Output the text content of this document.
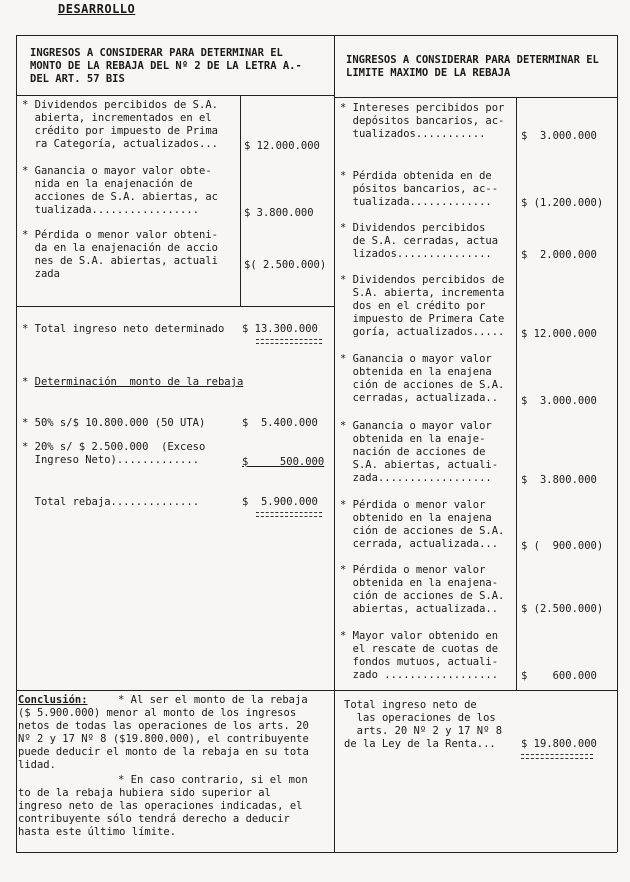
DESARROLLO
INGRESOS A CONSIDERAR PARA DETERMINAR EL
MONTO DE LA REBAJA DEL Nº 2 DE LA LETRA A.-
DEL ART. 57 BIS
* Dividendos percibidos de S.A.
abierta, incrementados en el
crédito por impuesto de Prima
ra Categoría, actualizados...	$ 12.000.000
* Ganancia o mayor valor obte-
nida en la enajenación de
acciones de S.A. abiertas, ac
tualizada.................	$ 3.800.000
* Pérdida o menor valor obteni-
da en la enajenación de accio
nes de S.A. abiertas, actuali
zada
$( 2.500.000)
* Total ingreso neto determinado $ 13.300.000
* Determinación  monto de la rebaja
* 50% s/$ 10.800.000 (50 UTA)	$  5.400.000
* 20% s/ $ 2.500.000  (Exceso
Ingreso Neto).............	$     500.000
Total rebaja..............	$  5.900.000
Conclusión:	* Al ser el monto de la rebaja
($ 5.900.000) menor al monto de los ingresos
netos de todas las operaciones de los arts. 20
Nº 2 y 17 Nº 8 ($19.800.000), el contribuyente
puede deducir el monto de la rebaja en su tota
lidad.
* En caso contrario, si el mon
to de la rebaja hubiera sido superior al
ingreso neto de las operaciones indicadas, el
contribuyente sólo tendrá derecho a deducir
hasta este último límite.
INGRESOS A CONSIDERAR PARA DETERMINAR EL
LIMITE MAXIMO DE LA REBAJA
* Intereses percibidos por
depósitos bancarios, ac-
tualizados...........	$  3.000.000
* Pérdida obtenida en de
pósitos bancarios, ac--
tualizada.............	$ (1.200.000)
* Dividendos percibidos
de S.A. cerradas, actua
lizados...............	$  2.000.000
* Dividendos percibidos de
S.A. abierta, incrementa
dos en el crédito por
impuesto de Primera Cate
goría, actualizados.....	$ 12.000.000
* Ganancia o mayor valor
obtenida en la enajena
ción de acciones de S.A.
cerradas, actualizada..	$  3.000.000
* Ganancia o mayor valor
obtenida en la enaje-
nación de acciones de
S.A. abiertas, actuali-
zada..................	$  3.800.000
* Pérdida o menor valor
obtenido en la enajena
ción de acciones de S.A.
cerrada, actualizada...	$ (  900.000)
* Pérdida o menor valor
obtenida en la enajena-
ción de acciones de S.A.
abiertas, actualizada..	$ (2.500.000)
* Mayor valor obtenido en
el rescate de cuotas de
fondos mutuos, actuali-
zado ..................	$    600.000
Total ingreso neto de
las operaciones de los
arts. 20 Nº 2 y 17 Nº 8
de la Ley de la Renta...	$ 19.800.000
